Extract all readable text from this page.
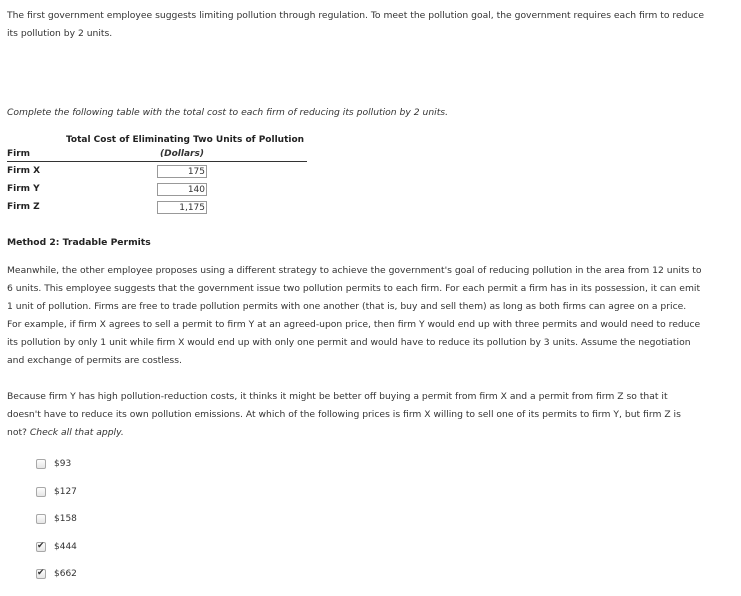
The first government employee suggests limiting pollution through regulation. To meet the pollution goal, the government requires each firm to reduce
its pollution by 2 units.

Complete the following table with the total cost to each firm of reducing its pollution by 2 units.

	Total Cost of Eliminating Two Units of Pollution
Firm	(Dollars)
Firm X	175
Firm Y	140
Firm Z	1,175

Method 2: Tradable Permits

Meanwhile, the other employee proposes using a different strategy to achieve the government's goal of reducing pollution in the area from 12 units to
6 units. This employee suggests that the government issue two pollution permits to each firm. For each permit a firm has in its possession, it can emit
1 unit of pollution. Firms are free to trade pollution permits with one another (that is, buy and sell them) as long as both firms can agree on a price.
For example, if firm X agrees to sell a permit to firm Y at an agreed-upon price, then firm Y would end up with three permits and would need to reduce
its pollution by only 1 unit while firm X would end up with only one permit and would have to reduce its pollution by 3 units. Assume the negotiation
and exchange of permits are costless.

Because firm Y has high pollution-reduction costs, it thinks it might be better off buying a permit from firm X and a permit from firm Z so that it
doesn't have to reduce its own pollution emissions. At which of the following prices is firm X willing to sell one of its permits to firm Y, but firm Z is
not? Check all that apply.

$93
$127
$158
✔ $444
✔ $662
